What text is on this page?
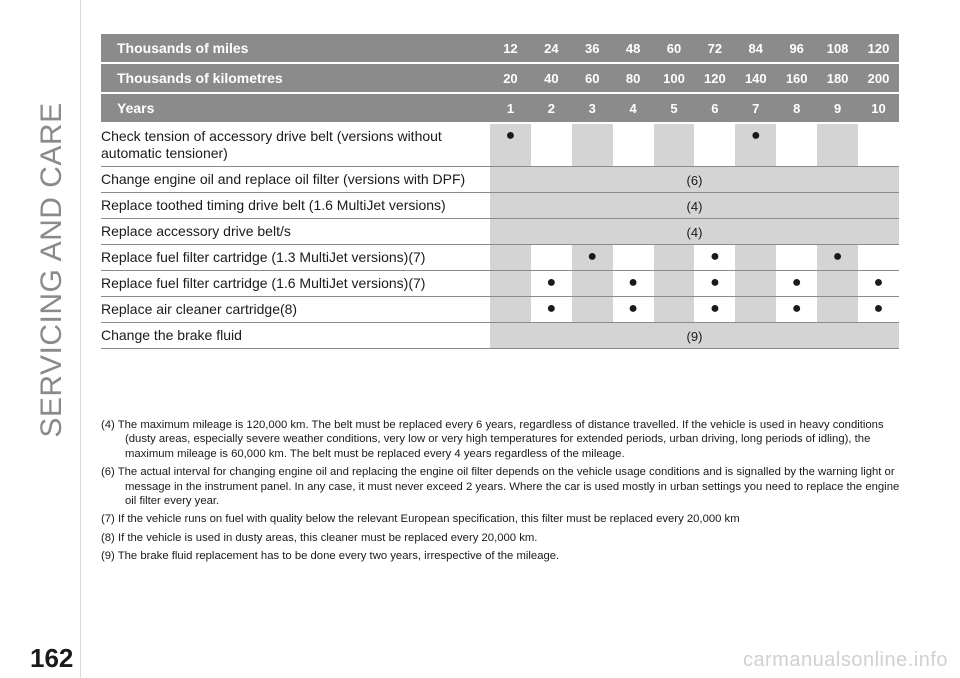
SERVICING AND CARE
Thousands of miles	12	24	36	48	60	72	84	96	108	120
Thousands of kilometres	20	40	60	80	100	120	140	160	180	200
Years	1	2	3	4	5	6	7	8	9	10
Check tension of accessory drive belt (versions without automatic tensioner)	●						●			
Change engine oil and replace oil filter (versions with DPF)	(6)									
Replace toothed timing drive belt (1.6 MultiJet versions)	(4)									
Replace accessory drive belt/s	(4)									
Replace fuel filter cartridge (1.3 MultiJet versions)(7)			●			●			●	
Replace fuel filter cartridge (1.6 MultiJet versions)(7)		●		●		●		●		●
Replace air cleaner cartridge(8)		●		●		●		●		●
Change the brake fluid	(9)									
(4) The maximum mileage is 120,000 km. The belt must be replaced every 6 years, regardless of distance travelled. If the vehicle is used in heavy conditions (dusty areas, especially severe weather conditions, very low or very high temperatures for extended periods, urban driving, long periods of idling), the maximum mileage is 60,000 km. The belt must be replaced every 4 years regardless of the mileage.
(6) The actual interval for changing engine oil and replacing the engine oil filter depends on the vehicle usage conditions and is signalled by the warning light or message in the instrument panel. In any case, it must never exceed 2 years. Where the car is used mostly in urban settings you need to replace the engine oil filter every year.
(7) If the vehicle runs on fuel with quality below the relevant European specification, this filter must be replaced every 20,000 km
(8) If the vehicle is used in dusty areas, this cleaner must be replaced every 20,000 km.
(9) The brake fluid replacement has to be done every two years, irrespective of the mileage.
162	carmanualsonline.info
